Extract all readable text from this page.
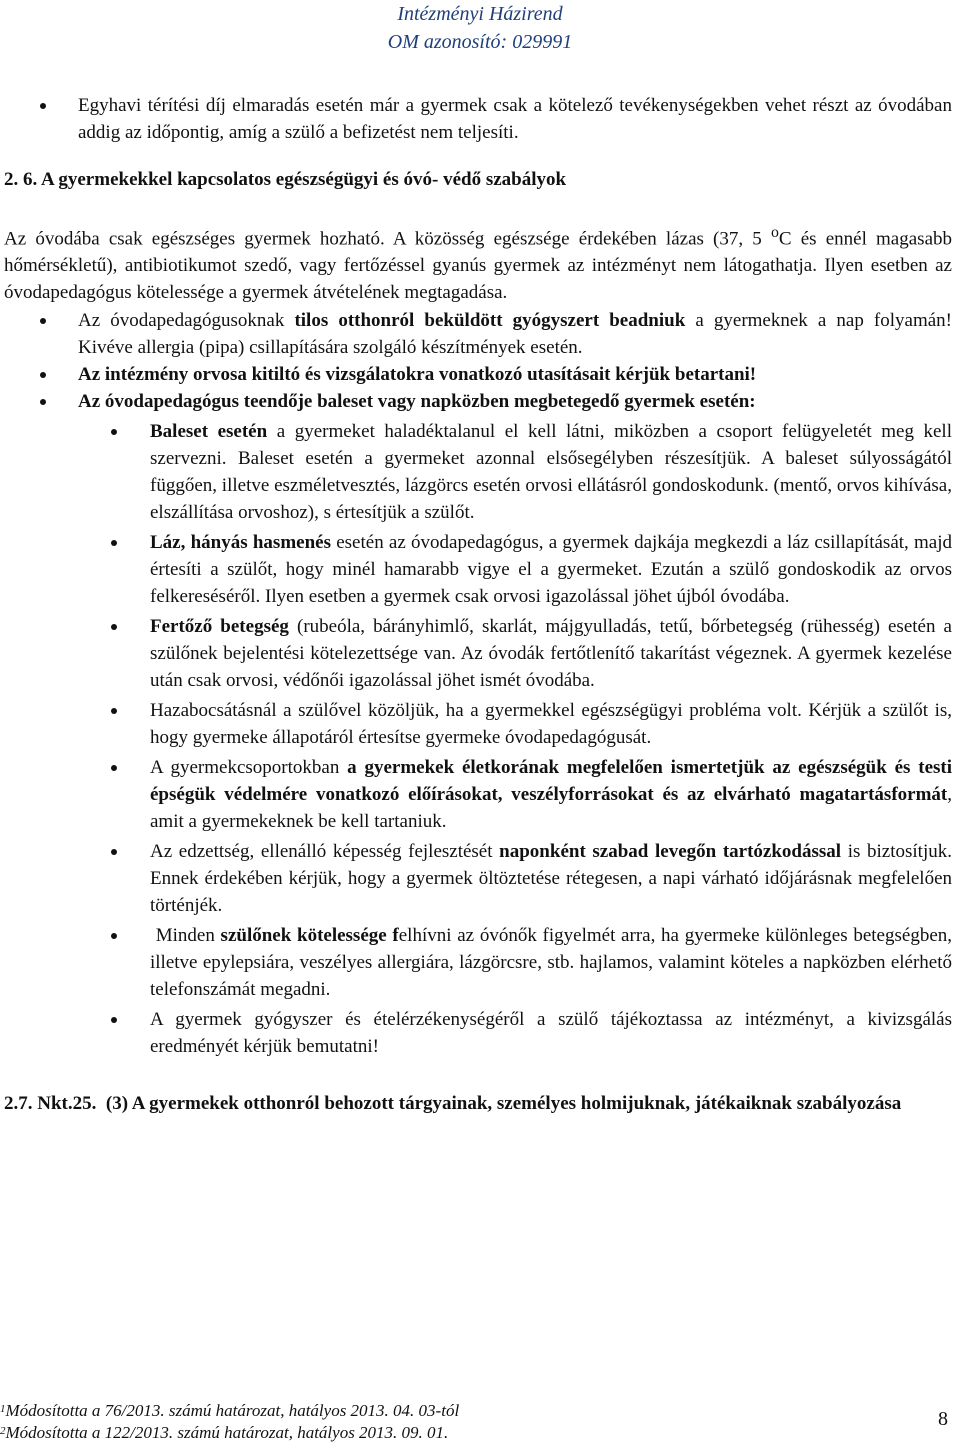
Intézményi Házirend
OM azonosító: 029991
Egyhavi térítési díj elmaradás esetén már a gyermek csak a kötelező tevékenységekben vehet részt az óvodában addig az időpontig, amíg a szülő a befizetést nem teljesíti.
2. 6. A gyermekekkel kapcsolatos egészségügyi és óvó- védő szabályok
Az óvodába csak egészséges gyermek hozható. A közösség egészsége érdekében lázas (37, 5 $^o$C és ennél magasabb hőmérsékletű), antibiotikumot szedő, vagy fertőzéssel gyanús gyermek az intézményt nem látogathatja. Ilyen esetben az óvodapedagógus kötelessége a gyermek átvételének megtagadása.
Az óvodapedagógusoknak tilos otthonról beküldött gyógyszert beadniuk a gyermeknek a nap folyamán! Kivéve allergia (pipa) csillapítására szolgáló készítmények esetén.
Az intézmény orvosa kitiltó és vizsgálatokra vonatkozó utasításait kérjük betartani!
Az óvodapedagógus teendője baleset vagy napközben megbetegedő gyermek esetén:
Baleset esetén a gyermeket haladéktalanul el kell látni, miközben a csoport felügyeletét meg kell szervezni. Baleset esetén a gyermeket azonnal elsősegélyben részesítjük. A baleset súlyosságától függően, illetve eszméletvesztés, lázgörcs esetén orvosi ellátásról gondoskodunk. (mentő, orvos kihívása, elszállítása orvoshoz), s értesítjük a szülőt.
Láz, hányás hasmenés esetén az óvodapedagógus, a gyermek dajkája megkezdi a láz csillapítását, majd értesíti a szülőt, hogy minél hamarabb vigye el a gyermeket. Ezután a szülő gondoskodik az orvos felkereséséről. Ilyen esetben a gyermek csak orvosi igazolással jöhet újból óvodába.
Fertőző betegség (rubeóla, bárányhimlő, skarlát, májgyulladás, tetű, bőrbetegség (rühesség) esetén a szülőnek bejelentési kötelezettsége van. Az óvodák fertőtlenítő takarítást végeznek. A gyermek kezelése után csak orvosi, védőnői igazolással jöhet ismét óvodába.
Hazabocsátásnál a szülővel közöljük, ha a gyermekkel egészségügyi probléma volt. Kérjük a szülőt is, hogy gyermeke állapotáról értesítse gyermeke óvodapedagógusát.
A gyermekcsoportokban a gyermekek életkorának megfelelően ismertetjük az egészségük és testi épségük védelmére vonatkozó előírásokat, veszélyforrásokat és az elvárható magatartásformát, amit a gyermekeknek be kell tartaniuk.
Az edzettség, ellenálló képesség fejlesztését naponként szabad levegőn tartózkodással is biztosítjuk. Ennek érdekében kérjük, hogy a gyermek öltöztetése rétegesen, a napi várható időjárásnak megfelelően történjék.
Minden szülőnek kötelessége felhívni az óvónők figyelmét arra, ha gyermeke különleges betegségben, illetve epylepsiára, veszélyes allergiára, lázgörcsre, stb. hajlamos, valamint köteles a napközben elérhető telefonszámát megadni.
A gyermek gyógyszer és ételérzékenységéről a szülő tájékoztassa az intézményt, a kivizsgálás eredményét kérjük bemutatni!
2.7. Nkt.25.  (3) A gyermekek otthonról behozott tárgyainak, személyes holmijuknak, játékaiknak szabályozása
$^1$Módosította a 76/2013. számú határozat, hatályos 2013. 04. 03-tól
$^2$Módosította a 122/2013. számú határozat, hatályos 2013. 09. 01.
8
